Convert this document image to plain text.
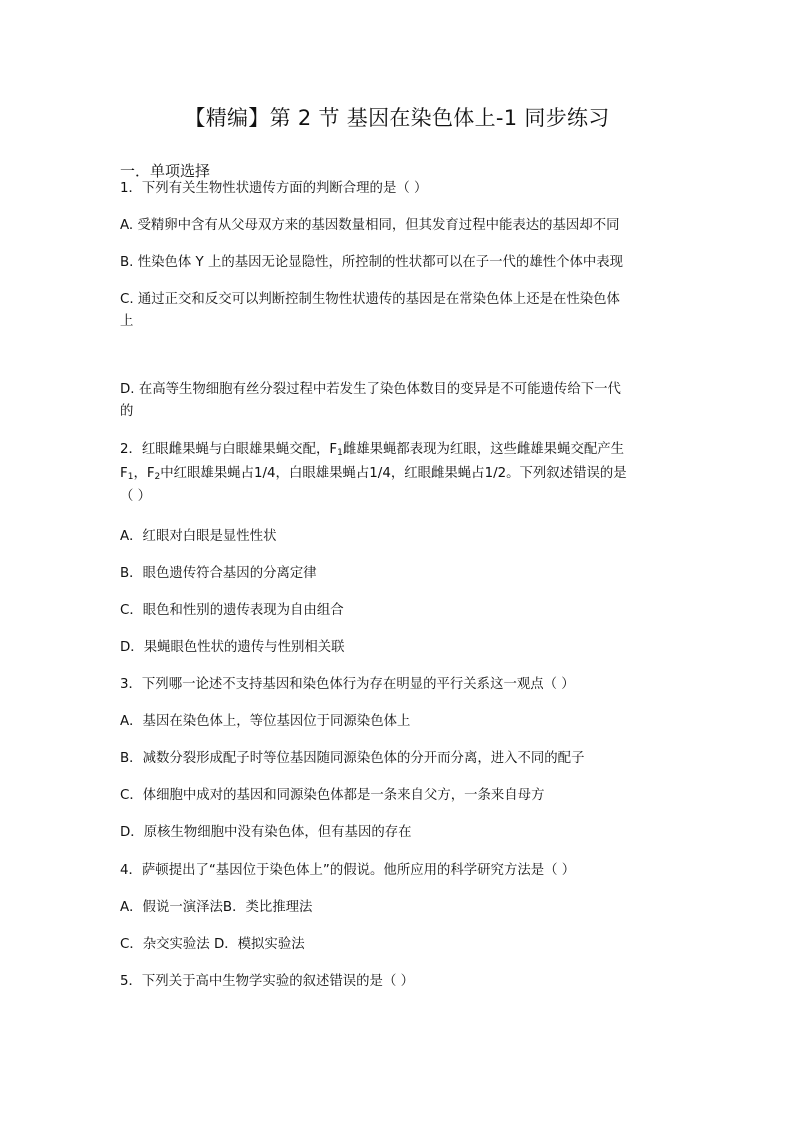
【精编】第 2 节 基因在染色体上-1 同步练习
一．单项选择
1．下列有关生物性状遗传方面的判断合理的是（ ）
A. 受精卵中含有从父母双方来的基因数量相同，但其发育过程中能表达的基因却不同
B. 性染色体 Y 上的基因无论显隐性，所控制的性状都可以在子一代的雄性个体中表现
C. 通过正交和反交可以判断控制生物性状遗传的基因是在常染色体上还是在性染色体
上
D. 在高等生物细胞有丝分裂过程中若发生了染色体数目的变异是不可能遗传给下一代
的
2．红眼雌果蝇与白眼雄果蝇交配，$F_1$雌雄果蝇都表现为红眼，这些雌雄果蝇交配产生
$F_1$，$F_2$中红眼雄果蝇占1/4，白眼雄果蝇占1/4，红眼雌果蝇占1/2。下列叙述错误的是
（ ）
A．红眼对白眼是显性性状
B．眼色遗传符合基因的分离定律
C．眼色和性别的遗传表现为自由组合
D．果蝇眼色性状的遗传与性别相关联
3．下列哪一论述不支持基因和染色体行为存在明显的平行关系这一观点（ ）
A．基因在染色体上，等位基因位于同源染色体上
B．减数分裂形成配子时等位基因随同源染色体的分开而分离，进入不同的配子
C．体细胞中成对的基因和同源染色体都是一条来自父方，一条来自母方
D．原核生物细胞中没有染色体，但有基因的存在
4．萨顿提出了“基因位于染色体上”的假说。他所应用的科学研究方法是（ ）
A．假说一演泽法B．类比推理法
C．杂交实验法 D．模拟实验法
5．下列关于高中生物学实验的叙述错误的是（ ）
